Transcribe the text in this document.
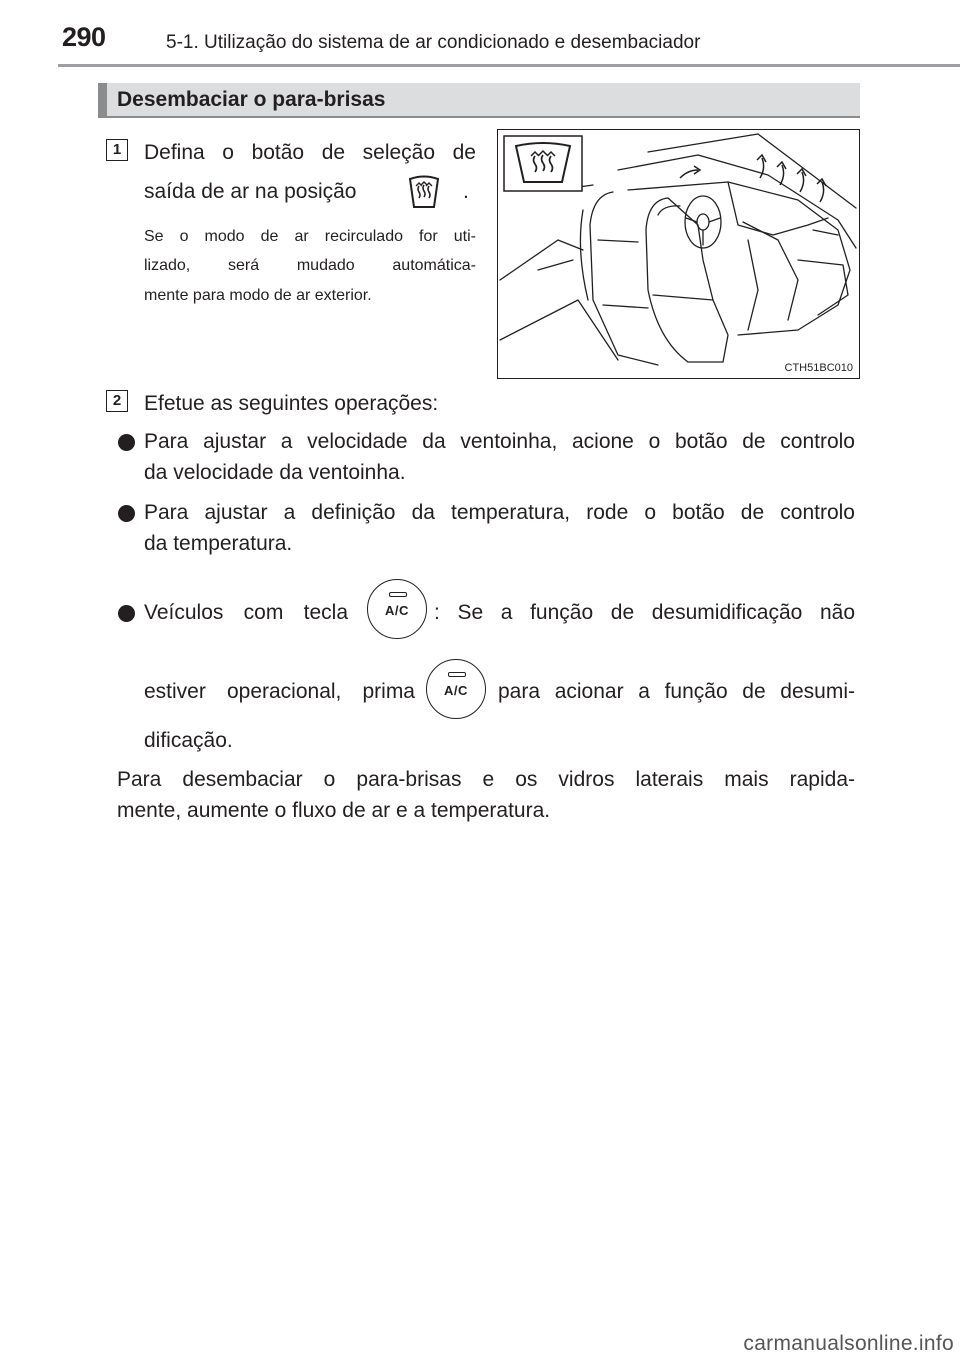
290	5-1. Utilização do sistema de ar condicionado e desembaciador
Desembaciar o para-brisas
1	Defina o botão de seleção de
saída de ar na posição	.
Se o modo de ar recirculado for uti-
lizado, será mudado automática-
mente para modo de ar exterior.
CTH51BC010
2	Efetue as seguintes operações:
Para ajustar a velocidade da ventoinha, acione o botão de controlo
da velocidade da ventoinha.
Para ajustar a definição da temperatura, rode o botão de controlo
da temperatura.
Veículos com tecla	A/C	: Se a função de desumidificação não
estiver operacional, prima	A/C	para acionar a função de desumi-
dificação.
Para desembaciar o para-brisas e os vidros laterais mais rapida-
mente, aumente o fluxo de ar e a temperatura.
carmanualsonline.info
